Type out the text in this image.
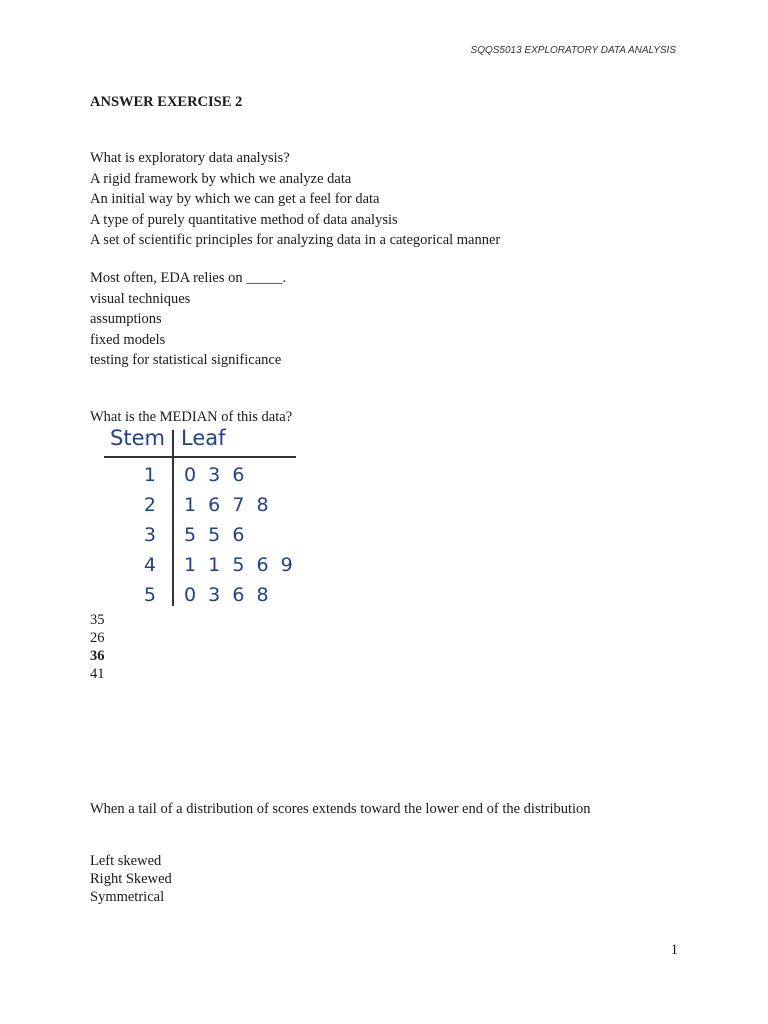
SQQS5013 EXPLORATORY DATA ANALYSIS
ANSWER EXERCISE 2
What is exploratory data analysis?
A rigid framework by which we analyze data
An initial way by which we can get a feel for data
A type of purely quantitative method of data analysis
A set of scientific principles for analyzing data in a categorical manner
Most often, EDA relies on _____.
visual techniques
assumptions
fixed models
testing for statistical significance
What is the MEDIAN of this data?
Stem Leaf
1 0  3  6
2 1  6  7  8
3 5  5  6
4 1  1  5  6  9
5 0  3  6  8
35
26
36
41
When a tail of a distribution of scores extends toward the lower end of the distribution
Left skewed
Right Skewed
Symmetrical
1
